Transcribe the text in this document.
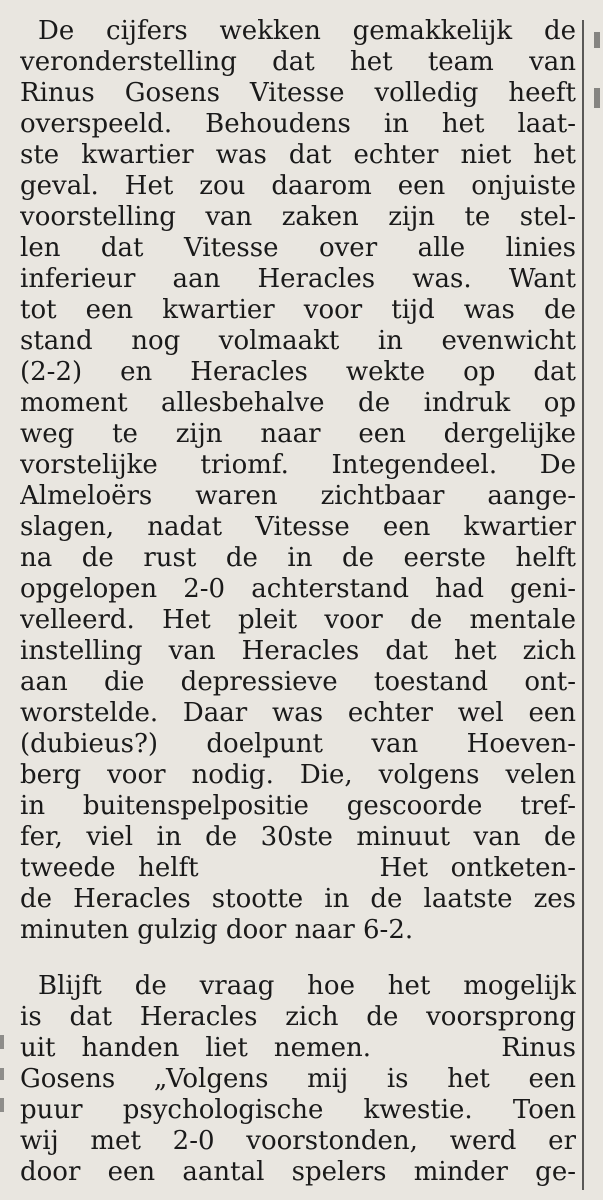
De cijfers wekken gemakkelijk de
veronderstelling dat het team van
Rinus Gosens Vitesse volledig heeft
overspeeld. Behoudens in het laat-
ste kwartier was dat echter niet het
geval. Het zou daarom een onjuiste
voorstelling van zaken zijn te stel-
len dat Vitesse over alle linies
inferieur aan Heracles was. Want
tot een kwartier voor tijd was de
stand nog volmaakt in evenwicht
(2-2) en Heracles wekte op dat
moment allesbehalve de indruk op
weg te zijn naar een dergelijke
vorstelijke triomf. Integendeel. De
Almeloërs waren zichtbaar aange-
slagen, nadat Vitesse een kwartier
na de rust de in de eerste helft
opgelopen 2-0 achterstand had geni-
velleerd. Het pleit voor de mentale
instelling van Heracles dat het zich
aan die depressieve toestand ont-
worstelde. Daar was echter wel een
(dubieus?) doelpunt van Hoeven-
berg voor nodig. Die, volgens velen
in buitenspelpositie gescoorde tref-
fer, viel in de 30ste minuut van de
tweede helft        Het ontketen-
de Heracles stootte in de laatste zes
minuten gulzig door naar 6-2.

Blijft de vraag hoe het mogelijk
is dat Heracles zich de voorsprong
uit handen liet nemen.     Rinus
Gosens „Volgens mij is het een
puur psychologische kwestie. Toen
wij met 2-0 voorstonden, werd er
door een aantal spelers minder ge-
